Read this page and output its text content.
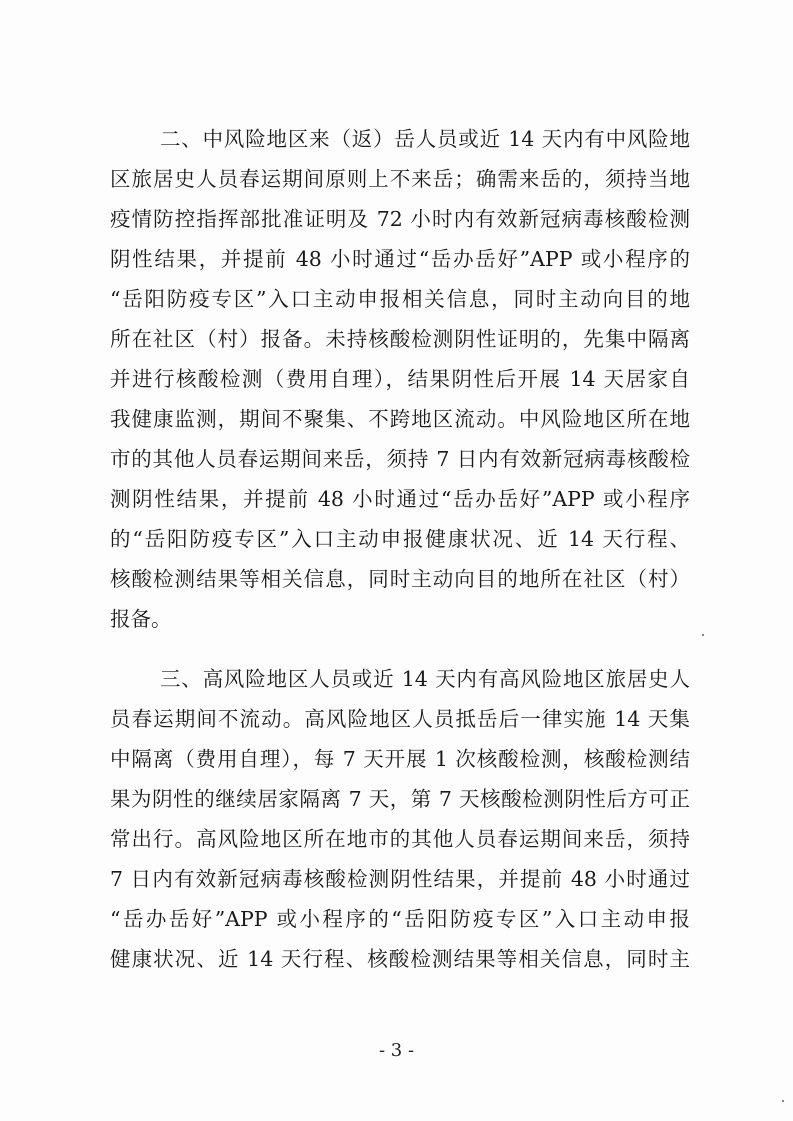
二、中风险地区来（返）岳人员或近 14 天内有中风险地
区旅居史人员春运期间原则上不来岳；确需来岳的，须持当地
疫情防控指挥部批准证明及 72 小时内有效新冠病毒核酸检测
阴性结果，并提前 48 小时通过“岳办岳好”APP 或小程序的
“岳阳防疫专区”入口主动申报相关信息，同时主动向目的地
所在社区（村）报备。未持核酸检测阴性证明的，先集中隔离
并进行核酸检测（费用自理），结果阴性后开展 14 天居家自
我健康监测，期间不聚集、不跨地区流动。中风险地区所在地
市的其他人员春运期间来岳，须持 7 日内有效新冠病毒核酸检
测阴性结果，并提前 48 小时通过“岳办岳好”APP 或小程序
的“岳阳防疫专区”入口主动申报健康状况、近 14 天行程、
核酸检测结果等相关信息，同时主动向目的地所在社区（村）
报备。
三、高风险地区人员或近 14 天内有高风险地区旅居史人
员春运期间不流动。高风险地区人员抵岳后一律实施 14 天集
中隔离（费用自理），每 7 天开展 1 次核酸检测，核酸检测结
果为阴性的继续居家隔离 7 天，第 7 天核酸检测阴性后方可正
常出行。高风险地区所在地市的其他人员春运期间来岳，须持
7 日内有效新冠病毒核酸检测阴性结果，并提前 48 小时通过
“岳办岳好”APP 或小程序的“岳阳防疫专区”入口主动申报
健康状况、近 14 天行程、核酸检测结果等相关信息，同时主
- 3 -
